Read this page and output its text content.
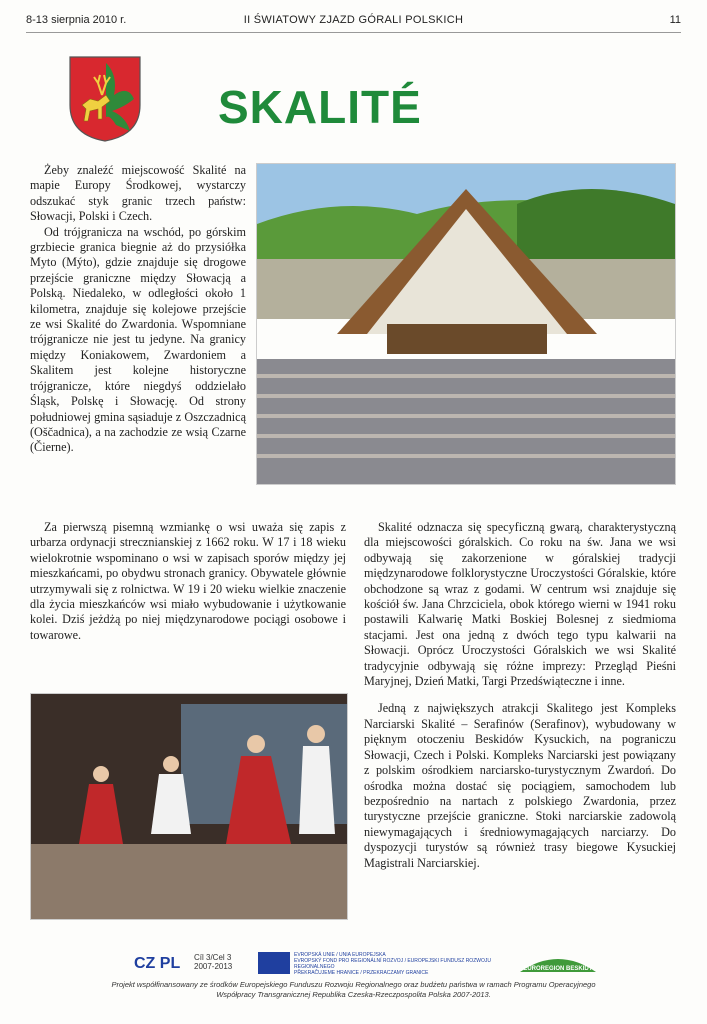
8-13 sierpnia 2010 r.	II ŚWIATOWY ZJAZD GÓRALI POLSKICH	11
SKALITÉ

Żeby znaleźć miejscowość Skalité na mapie Europy Środkowej, wystarczy odszukać styk granic trzech państw: Słowacji, Polski i Czech.

Od trójgranicza na wschód, po górskim grzbiecie granica biegnie aż do przysiółka Myto (Mýto), gdzie znajduje się drogowe przejście graniczne między Słowacją a Polską. Niedaleko, w odległości około 1 kilometra, znajduje się kolejowe przejście ze wsi Skalité do Zwardonia. Wspomniane trójgranicze nie jest tu jedyne. Na granicy między Koniakowem, Zwardoniem a Skalitem jest kolejne historyczne trójgranicze, które niegdyś oddzielało Śląsk, Polskę i Słowację. Od strony południowej gmina sąsiaduje z Oszczadnicą (Oščadnica), a na zachodzie ze wsią Czarne (Čierne).

Za pierwszą pisemną wzmiankę o wsi uważa się zapis z urbarza ordynacji strecznianskiej z 1662 roku. W 17 i 18 wieku wielokrotnie wspominano o wsi w zapisach sporów między jej mieszkańcami, po obydwu stronach granicy. Obywatele głównie utrzymywali się z rolnictwa. W 19 i 20 wieku wielkie znaczenie dla życia mieszkańców wsi miało wybudowanie i użytkowanie kolei. Dziś jeżdżą po niej międzynarodowe pociągi osobowe i towarowe.

Skalité odznacza się specyficzną gwarą, charakterystyczną dla miejscowości góralskich. Co roku na św. Jana we wsi odbywają się zakorzenione w góralskiej tradycji międzynarodowe folklorystyczne Uroczystości Góralskie, które obchodzone są wraz z godami. W centrum wsi znajduje się kościół św. Jana Chrzciciela, obok którego wierni w 1941 roku postawili Kalwarię Matki Boskiej Bolesnej z siedmioma stacjami. Jest ona jedną z dwóch tego typu kalwarii na Słowacji. Oprócz Uroczystości Góralskich we wsi Skalité tradycyjnie odbywają się różne imprezy: Przegląd Pieśni Maryjnej, Dzień Matki, Targi Przedświąteczne i inne.

Jedną z największych atrakcji Skalitego jest Kompleks Narciarski Skalité – Serafinów (Serafinov), wybudowany w pięknym otoczeniu Beskidów Kysuckich, na pograniczu Słowacji, Czech i Polski. Kompleks Narciarski jest powiązany z polskim ośrodkiem narciarsko-turystycznym Zwardoń. Do ośrodka można dostać się pociągiem, samochodem lub bezpośrednio na nartach z polskiego Zwardonia, przez turystyczne przejście graniczne. Stoki narciarskie zadowolą niewymagających i średniowymagających narciarzy. Do dyspozycji turystów są również trasy biegowe Kysuckiej Magistrali Narciarskiej.

CZ PL	Cíl 3/Cel 3
2007-2013
EVROPSKÁ UNIE / UNIA EUROPEJSKA
EVROPSKÝ FOND PRO REGIONÁLNÍ ROZVOJ / EUROPEJSKI FUNDUSZ ROZWOJU REGIONALNEGO
PŘEKRAČUJEME HRANICE / PRZEKRACZAMY GRANICE
EUROREGION BESKIDY
Projekt współfinansowany ze środków Europejskiego Funduszu Rozwoju Regionalnego oraz budżetu państwa w ramach Programu Operacyjnego Współpracy Transgranicznej Republika Czeska-Rzeczpospolita Polska 2007-2013.
